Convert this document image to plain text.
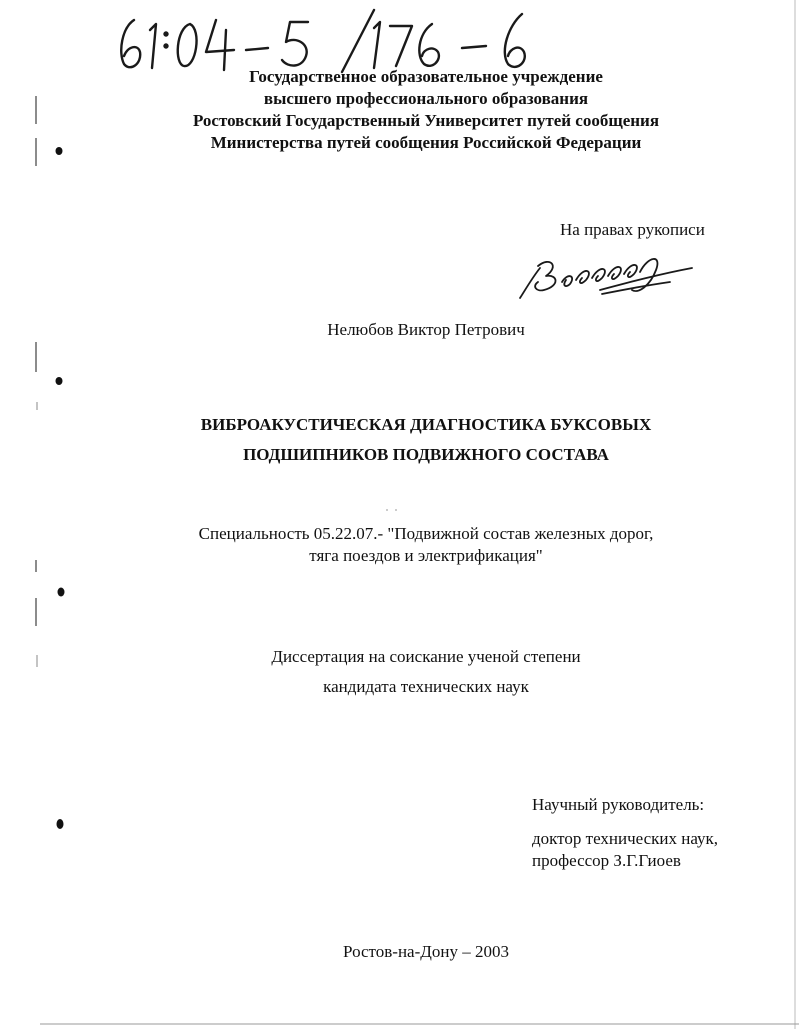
Государственное образовательное учреждение
высшего профессионального образования
Ростовский Государственный Университет путей сообщения
Министерства путей сообщения Российской Федерации
На правах рукописи
Нелюбов Виктор Петрович
ВИБРОАКУСТИЧЕСКАЯ ДИАГНОСТИКА БУКСОВЫХ
ПОДШИПНИКОВ ПОДВИЖНОГО СОСТАВА
Специальность 05.22.07.- "Подвижной состав железных дорог,
тяга поездов и электрификация"
Диссертация на соискание ученой степени
кандидата технических наук
Научный руководитель:
доктор технических наук,
профессор З.Г.Гиоев
Ростов-на-Дону – 2003
